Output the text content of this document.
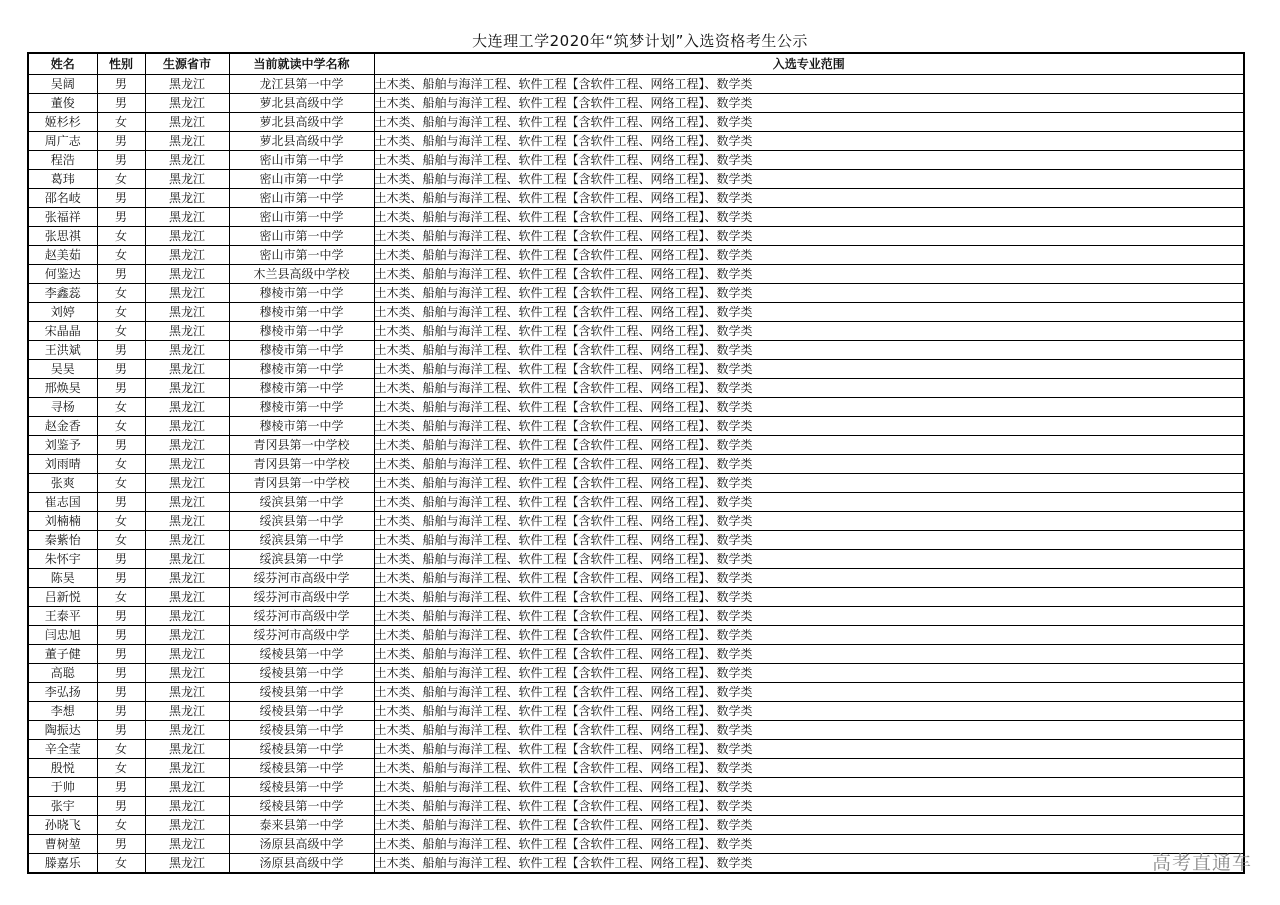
大连理工学2020年“筑梦计划”入选资格考生公示
姓名	性别	生源省市	当前就读中学名称	入选专业范围
吴阔	男	黑龙江	龙江县第一中学	土木类、船舶与海洋工程、软件工程【含软件工程、网络工程】、数学类
董俊	男	黑龙江	萝北县高级中学	土木类、船舶与海洋工程、软件工程【含软件工程、网络工程】、数学类
姬杉杉	女	黑龙江	萝北县高级中学	土木类、船舶与海洋工程、软件工程【含软件工程、网络工程】、数学类
周广志	男	黑龙江	萝北县高级中学	土木类、船舶与海洋工程、软件工程【含软件工程、网络工程】、数学类
程浩	男	黑龙江	密山市第一中学	土木类、船舶与海洋工程、软件工程【含软件工程、网络工程】、数学类
葛玮	女	黑龙江	密山市第一中学	土木类、船舶与海洋工程、软件工程【含软件工程、网络工程】、数学类
邵名岐	男	黑龙江	密山市第一中学	土木类、船舶与海洋工程、软件工程【含软件工程、网络工程】、数学类
张福祥	男	黑龙江	密山市第一中学	土木类、船舶与海洋工程、软件工程【含软件工程、网络工程】、数学类
张思祺	女	黑龙江	密山市第一中学	土木类、船舶与海洋工程、软件工程【含软件工程、网络工程】、数学类
赵美茹	女	黑龙江	密山市第一中学	土木类、船舶与海洋工程、软件工程【含软件工程、网络工程】、数学类
何鉴达	男	黑龙江	木兰县高级中学校	土木类、船舶与海洋工程、软件工程【含软件工程、网络工程】、数学类
李鑫蕊	女	黑龙江	穆棱市第一中学	土木类、船舶与海洋工程、软件工程【含软件工程、网络工程】、数学类
刘婷	女	黑龙江	穆棱市第一中学	土木类、船舶与海洋工程、软件工程【含软件工程、网络工程】、数学类
宋晶晶	女	黑龙江	穆棱市第一中学	土木类、船舶与海洋工程、软件工程【含软件工程、网络工程】、数学类
王洪斌	男	黑龙江	穆棱市第一中学	土木类、船舶与海洋工程、软件工程【含软件工程、网络工程】、数学类
吴昊	男	黑龙江	穆棱市第一中学	土木类、船舶与海洋工程、软件工程【含软件工程、网络工程】、数学类
邢焕昊	男	黑龙江	穆棱市第一中学	土木类、船舶与海洋工程、软件工程【含软件工程、网络工程】、数学类
寻杨	女	黑龙江	穆棱市第一中学	土木类、船舶与海洋工程、软件工程【含软件工程、网络工程】、数学类
赵金香	女	黑龙江	穆棱市第一中学	土木类、船舶与海洋工程、软件工程【含软件工程、网络工程】、数学类
刘鉴予	男	黑龙江	青冈县第一中学校	土木类、船舶与海洋工程、软件工程【含软件工程、网络工程】、数学类
刘雨晴	女	黑龙江	青冈县第一中学校	土木类、船舶与海洋工程、软件工程【含软件工程、网络工程】、数学类
张爽	女	黑龙江	青冈县第一中学校	土木类、船舶与海洋工程、软件工程【含软件工程、网络工程】、数学类
崔志国	男	黑龙江	绥滨县第一中学	土木类、船舶与海洋工程、软件工程【含软件工程、网络工程】、数学类
刘楠楠	女	黑龙江	绥滨县第一中学	土木类、船舶与海洋工程、软件工程【含软件工程、网络工程】、数学类
秦紫怡	女	黑龙江	绥滨县第一中学	土木类、船舶与海洋工程、软件工程【含软件工程、网络工程】、数学类
朱怀宇	男	黑龙江	绥滨县第一中学	土木类、船舶与海洋工程、软件工程【含软件工程、网络工程】、数学类
陈昊	男	黑龙江	绥芬河市高级中学	土木类、船舶与海洋工程、软件工程【含软件工程、网络工程】、数学类
吕新悦	女	黑龙江	绥芬河市高级中学	土木类、船舶与海洋工程、软件工程【含软件工程、网络工程】、数学类
王泰平	男	黑龙江	绥芬河市高级中学	土木类、船舶与海洋工程、软件工程【含软件工程、网络工程】、数学类
闫忠旭	男	黑龙江	绥芬河市高级中学	土木类、船舶与海洋工程、软件工程【含软件工程、网络工程】、数学类
董子健	男	黑龙江	绥棱县第一中学	土木类、船舶与海洋工程、软件工程【含软件工程、网络工程】、数学类
高聪	男	黑龙江	绥棱县第一中学	土木类、船舶与海洋工程、软件工程【含软件工程、网络工程】、数学类
李弘扬	男	黑龙江	绥棱县第一中学	土木类、船舶与海洋工程、软件工程【含软件工程、网络工程】、数学类
李想	男	黑龙江	绥棱县第一中学	土木类、船舶与海洋工程、软件工程【含软件工程、网络工程】、数学类
陶振达	男	黑龙江	绥棱县第一中学	土木类、船舶与海洋工程、软件工程【含软件工程、网络工程】、数学类
辛全莹	女	黑龙江	绥棱县第一中学	土木类、船舶与海洋工程、软件工程【含软件工程、网络工程】、数学类
殷悦	女	黑龙江	绥棱县第一中学	土木类、船舶与海洋工程、软件工程【含软件工程、网络工程】、数学类
于帅	男	黑龙江	绥棱县第一中学	土木类、船舶与海洋工程、软件工程【含软件工程、网络工程】、数学类
张宇	男	黑龙江	绥棱县第一中学	土木类、船舶与海洋工程、软件工程【含软件工程、网络工程】、数学类
孙晓飞	女	黑龙江	泰来县第一中学	土木类、船舶与海洋工程、软件工程【含软件工程、网络工程】、数学类
曹树堃	男	黑龙江	汤原县高级中学	土木类、船舶与海洋工程、软件工程【含软件工程、网络工程】、数学类
滕嘉乐	女	黑龙江	汤原县高级中学	土木类、船舶与海洋工程、软件工程【含软件工程、网络工程】、数学类	高考直通车
